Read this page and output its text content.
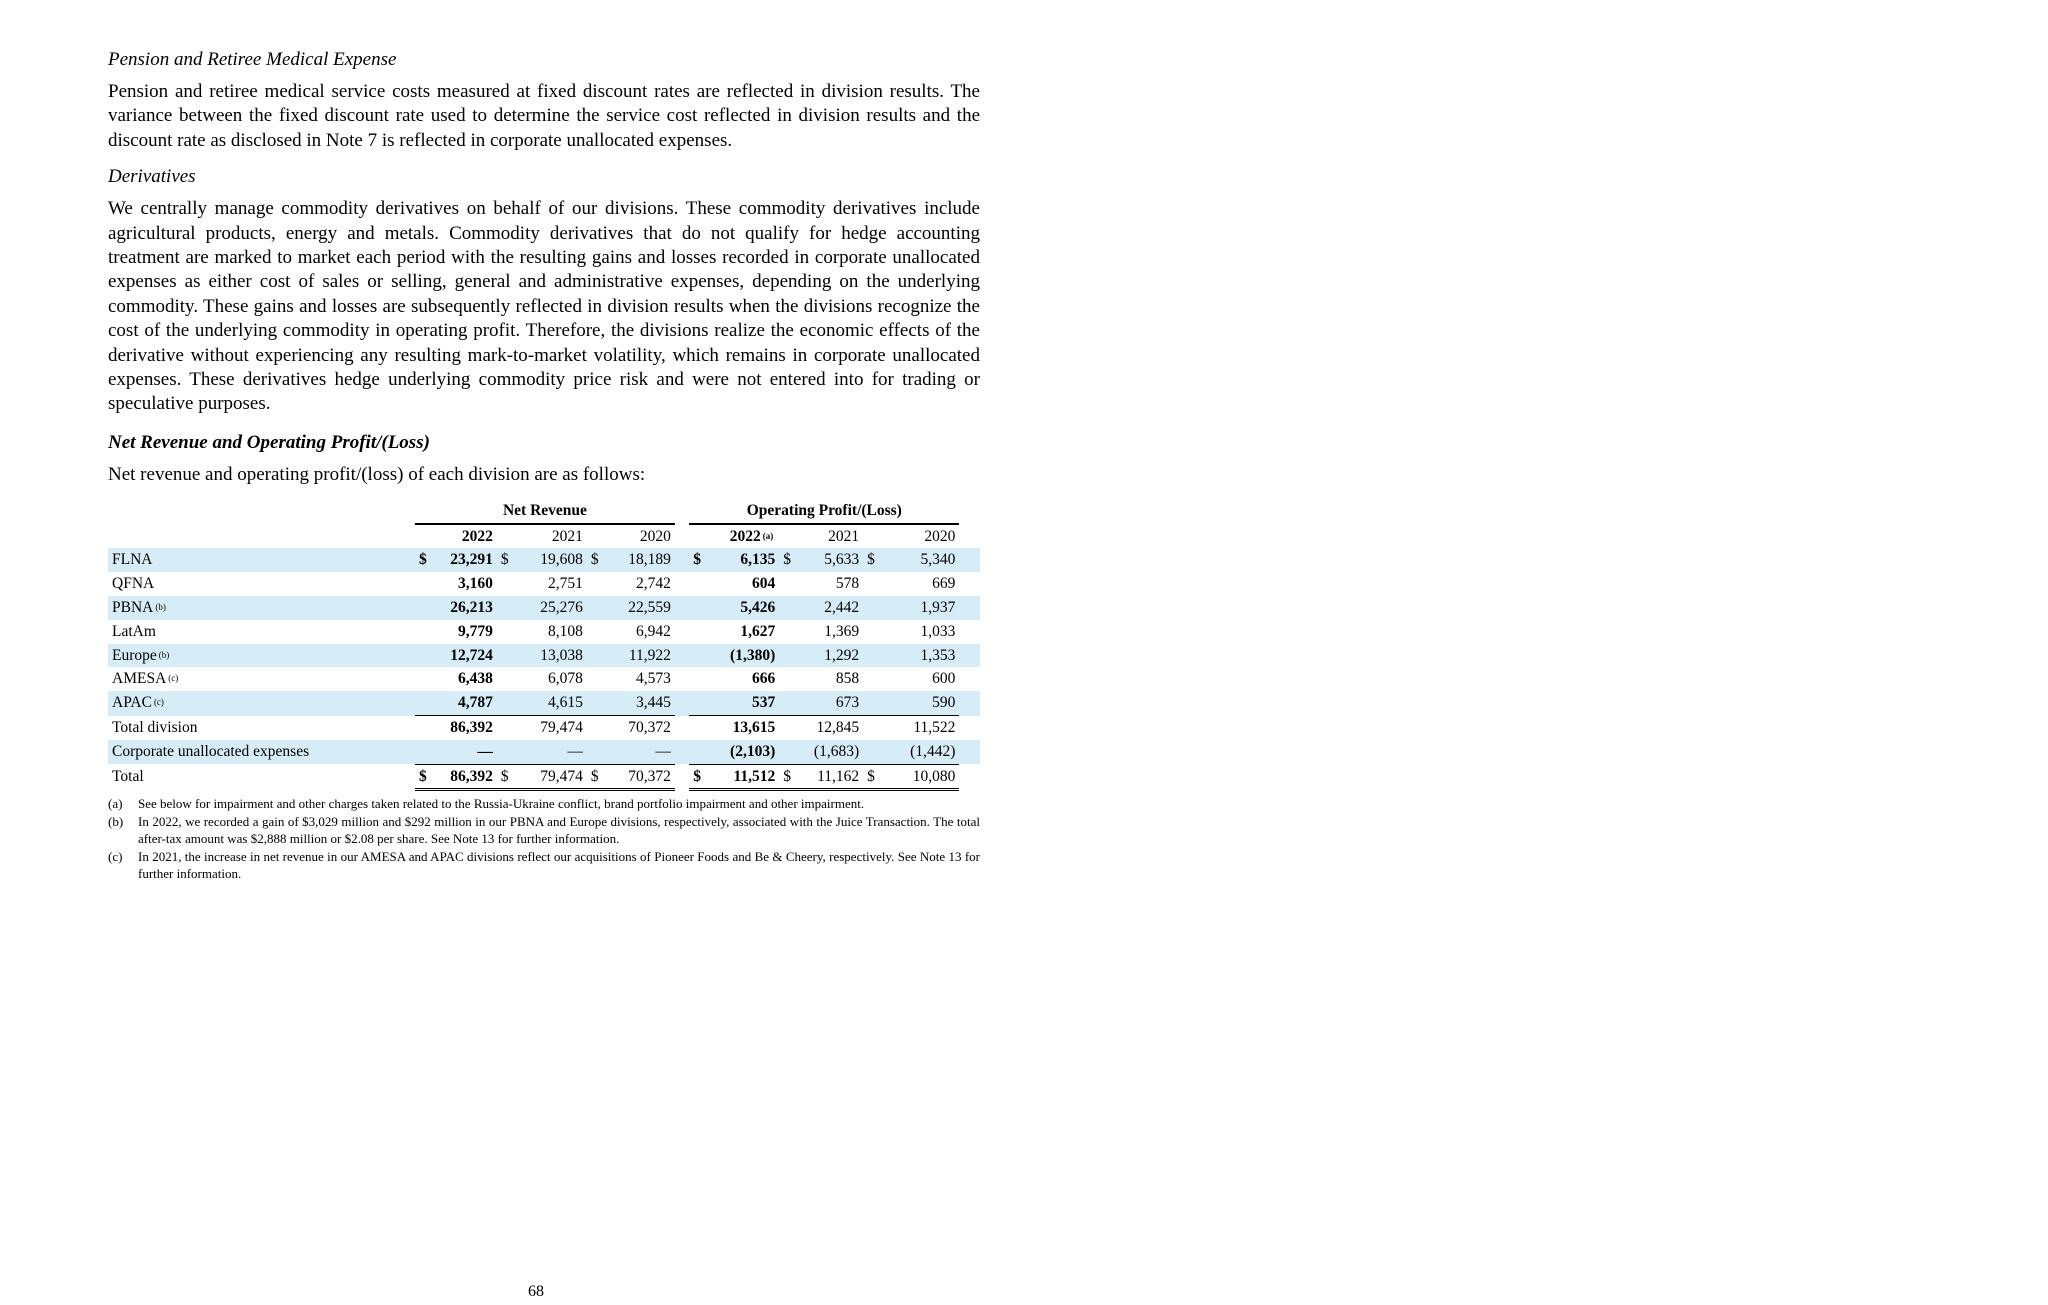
Pension and Retiree Medical Expense

Pension and retiree medical service costs measured at fixed discount rates are reflected in division results. The variance between the fixed discount rate used to determine the service cost reflected in division results and the discount rate as disclosed in Note 7 is reflected in corporate unallocated expenses.

Derivatives

We centrally manage commodity derivatives on behalf of our divisions. These commodity derivatives include agricultural products, energy and metals. Commodity derivatives that do not qualify for hedge accounting treatment are marked to market each period with the resulting gains and losses recorded in corporate unallocated expenses as either cost of sales or selling, general and administrative expenses, depending on the underlying commodity. These gains and losses are subsequently reflected in division results when the divisions recognize the cost of the underlying commodity in operating profit. Therefore, the divisions realize the economic effects of the derivative without experiencing any resulting mark-to-market volatility, which remains in corporate unallocated expenses. These derivatives hedge underlying commodity price risk and were not entered into for trading or speculative purposes.

Net Revenue and Operating Profit/(Loss)

Net revenue and operating profit/(loss) of each division are as follows:

	Net Revenue							Operating Profit/(Loss)						
	2022		2021		2020			2022 $^{(a)}$		2021		2020		
FLNA	$	23,291	$	19,608	$	18,189		$	6,135	$	5,633	$	5,340	
QFNA		3,160		2,751		2,742			604		578		669	
PBNA $^{(b)}$		26,213		25,276		22,559			5,426		2,442		1,937	
LatAm		9,779		8,108		6,942			1,627		1,369		1,033	
Europe $^{(b)}$		12,724		13,038		11,922			(1,380)		1,292		1,353	
AMESA $^{(c)}$		6,438		6,078		4,573			666		858		600	
APAC $^{(c)}$		4,787		4,615		3,445			537		673		590	
Total division		86,392		79,474		70,372			13,615		12,845		11,522	
Corporate unallocated expenses		—		—		—			(2,103)		(1,683)		(1,442)	
Total	$	86,392	$	79,474	$	70,372		$	11,512	$	11,162	$	10,080	
(a)	See below for impairment and other charges taken related to the Russia-Ukraine conflict, brand portfolio impairment and other impairment.
(b)	In 2022, we recorded a gain of $3,029 million and $292 million in our PBNA and Europe divisions, respectively, associated with the Juice Transaction. The total after-tax amount was $2,888 million or $2.08 per share. See Note 13 for further information.
(c)	In 2021, the increase in net revenue in our AMESA and APAC divisions reflect our acquisitions of Pioneer Foods and Be & Cheery, respectively. See Note 13 for further information.
68
